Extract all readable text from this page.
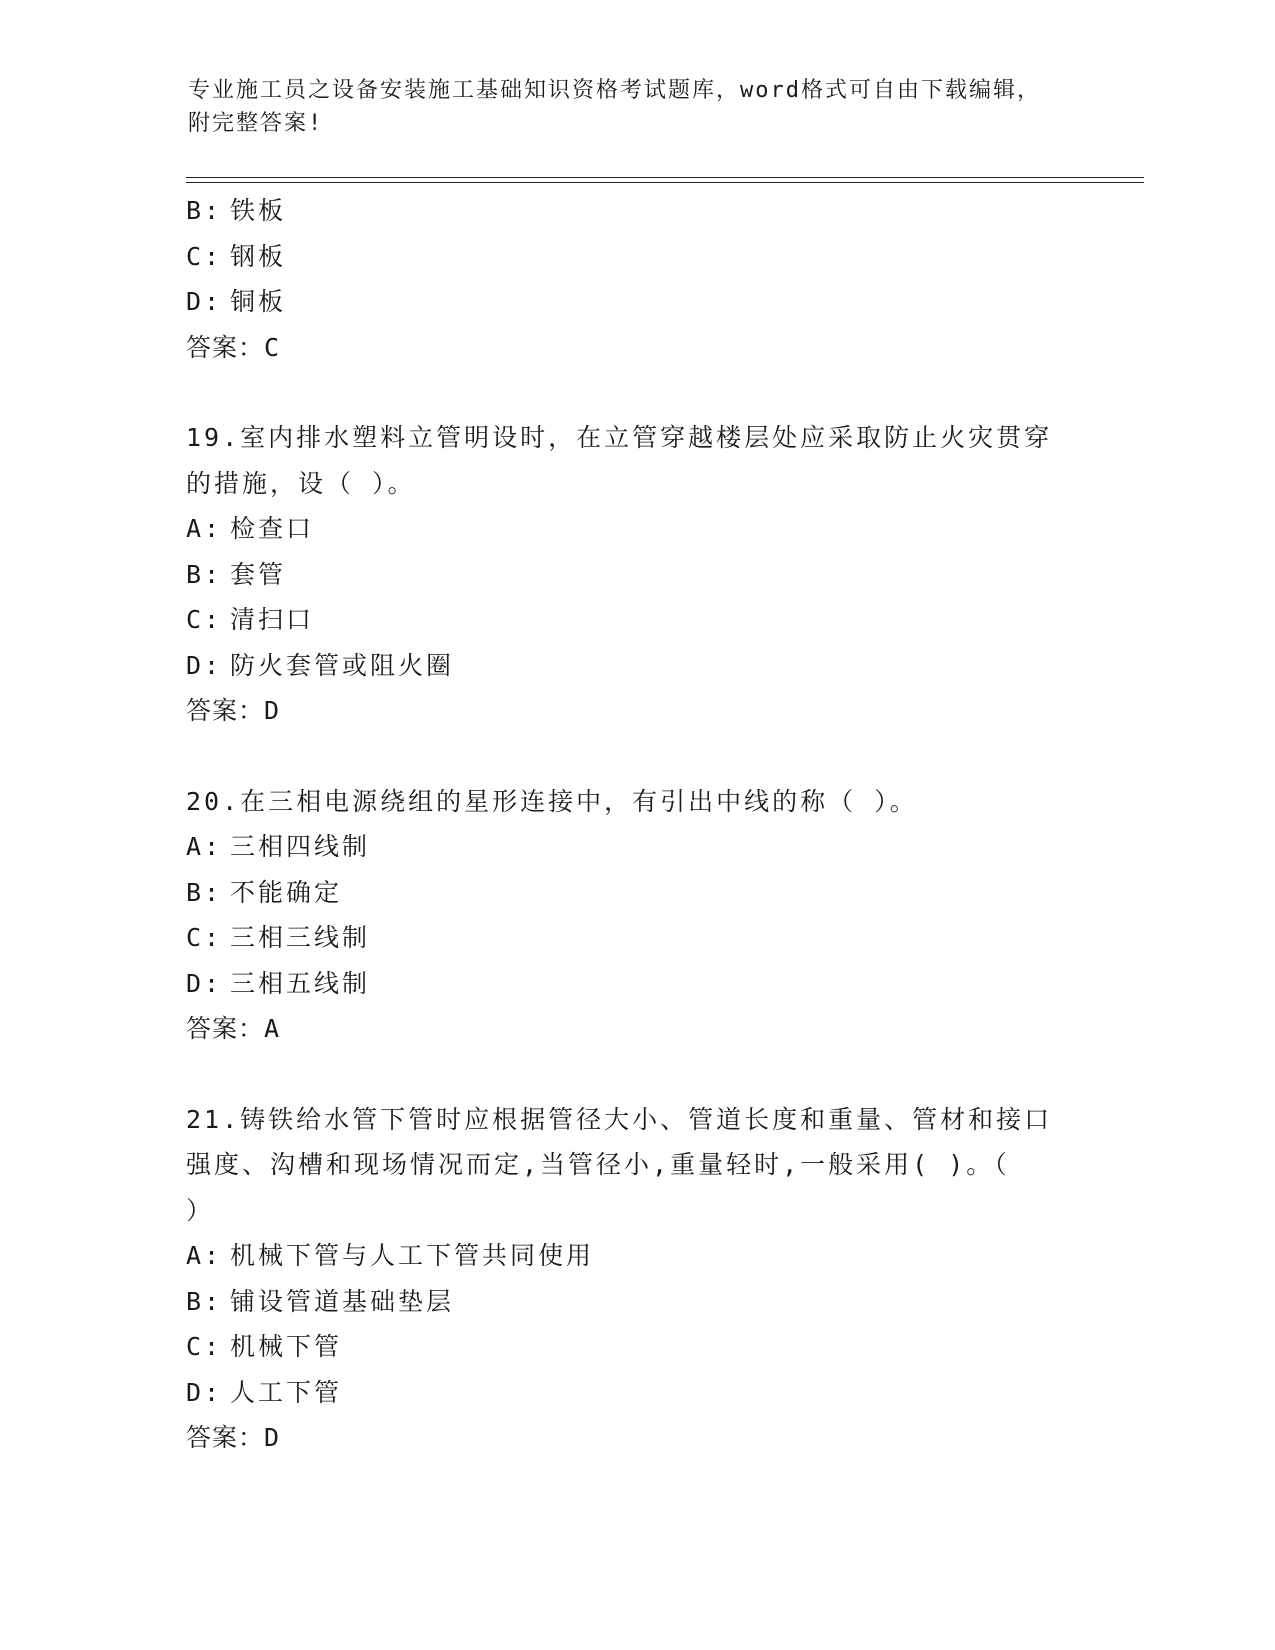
专业施工员之设备安装施工基础知识资格考试题库，word格式可自由下载编辑，
附完整答案!
B: 铁板
C: 钢板
D: 铜板
答案：C
19.室内排水塑料立管明设时，在立管穿越楼层处应采取防止火灾贯穿
的措施，设（ ）。
A: 检查口
B: 套管
C: 清扫口
D: 防火套管或阻火圈
答案：D
20.在三相电源绕组的星形连接中，有引出中线的称（ ）。
A: 三相四线制
B: 不能确定
C: 三相三线制
D: 三相五线制
答案：A
21.铸铁给水管下管时应根据管径大小、管道长度和重量、管材和接口
强度、沟槽和现场情况而定,当管径小,重量轻时,一般采用( )。（
）
A: 机械下管与人工下管共同使用
B: 铺设管道基础垫层
C: 机械下管
D: 人工下管
答案：D
